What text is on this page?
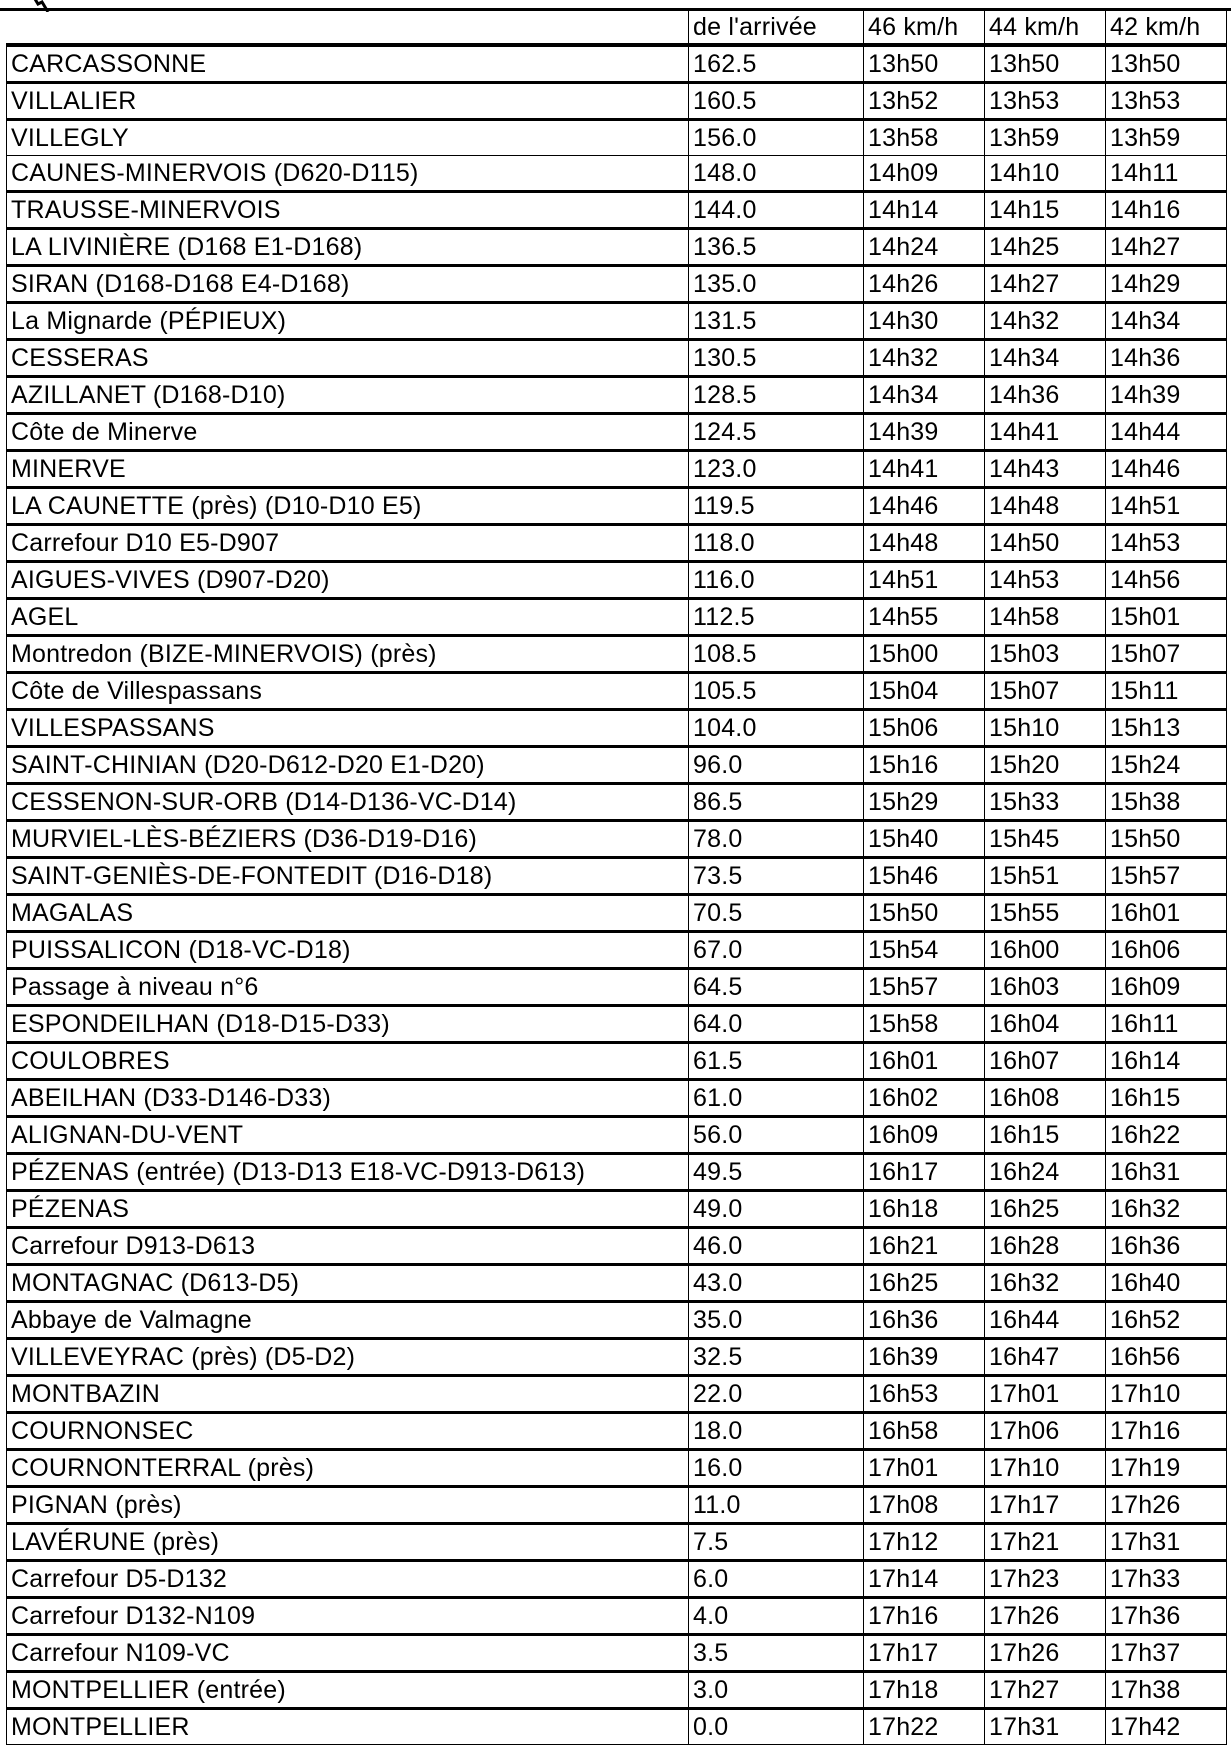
	de l'arrivée	46 km/h	44 km/h	42 km/h
CARCASSONNE	162.5	13h50	13h50	13h50
VILLALIER	160.5	13h52	13h53	13h53
VILLEGLY	156.0	13h58	13h59	13h59
CAUNES-MINERVOIS (D620-D115)	148.0	14h09	14h10	14h11
TRAUSSE-MINERVOIS	144.0	14h14	14h15	14h16
LA LIVINIÈRE (D168 E1-D168)	136.5	14h24	14h25	14h27
SIRAN (D168-D168 E4-D168)	135.0	14h26	14h27	14h29
La Mignarde (PÉPIEUX)	131.5	14h30	14h32	14h34
CESSERAS	130.5	14h32	14h34	14h36
AZILLANET (D168-D10)	128.5	14h34	14h36	14h39
Côte de Minerve	124.5	14h39	14h41	14h44
MINERVE	123.0	14h41	14h43	14h46
LA CAUNETTE (près) (D10-D10 E5)	119.5	14h46	14h48	14h51
Carrefour D10 E5-D907	118.0	14h48	14h50	14h53
AIGUES-VIVES (D907-D20)	116.0	14h51	14h53	14h56
AGEL	112.5	14h55	14h58	15h01
Montredon (BIZE-MINERVOIS) (près)	108.5	15h00	15h03	15h07
Côte de Villespassans	105.5	15h04	15h07	15h11
VILLESPASSANS	104.0	15h06	15h10	15h13
SAINT-CHINIAN (D20-D612-D20 E1-D20)	96.0	15h16	15h20	15h24
CESSENON-SUR-ORB (D14-D136-VC-D14)	86.5	15h29	15h33	15h38
MURVIEL-LÈS-BÉZIERS (D36-D19-D16)	78.0	15h40	15h45	15h50
SAINT-GENIÈS-DE-FONTEDIT (D16-D18)	73.5	15h46	15h51	15h57
MAGALAS	70.5	15h50	15h55	16h01
PUISSALICON (D18-VC-D18)	67.0	15h54	16h00	16h06
Passage à niveau n°6	64.5	15h57	16h03	16h09
ESPONDEILHAN (D18-D15-D33)	64.0	15h58	16h04	16h11
COULOBRES	61.5	16h01	16h07	16h14
ABEILHAN (D33-D146-D33)	61.0	16h02	16h08	16h15
ALIGNAN-DU-VENT	56.0	16h09	16h15	16h22
PÉZENAS (entrée) (D13-D13 E18-VC-D913-D613)	49.5	16h17	16h24	16h31
PÉZENAS	49.0	16h18	16h25	16h32
Carrefour D913-D613	46.0	16h21	16h28	16h36
MONTAGNAC (D613-D5)	43.0	16h25	16h32	16h40
Abbaye de Valmagne	35.0	16h36	16h44	16h52
VILLEVEYRAC (près) (D5-D2)	32.5	16h39	16h47	16h56
MONTBAZIN	22.0	16h53	17h01	17h10
COURNONSEC	18.0	16h58	17h06	17h16
COURNONTERRAL (près)	16.0	17h01	17h10	17h19
PIGNAN (près)	11.0	17h08	17h17	17h26
LAVÉRUNE (près)	7.5	17h12	17h21	17h31
Carrefour D5-D132	6.0	17h14	17h23	17h33
Carrefour D132-N109	4.0	17h16	17h26	17h36
Carrefour N109-VC	3.5	17h17	17h26	17h37
MONTPELLIER (entrée)	3.0	17h18	17h27	17h38
MONTPELLIER	0.0	17h22	17h31	17h42
